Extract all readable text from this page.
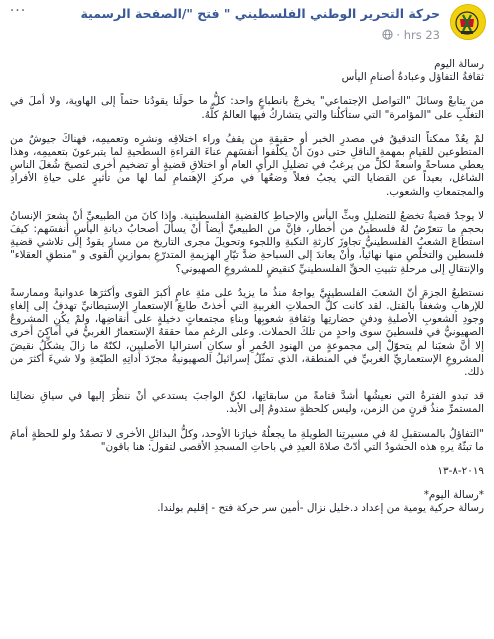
حركة التحرير الوطني الفلسطيني " فتح "/الصفحة الرسمية
23 hrs ·
···

رسالة اليوم

ثقافةُ التفاؤل وعبادةُ أصنامِ اليأس

من يتابعْ وسائلَ "التواصل الإجتماعي" يخرجْ بانطباعٍ واحد: كلُّ ما حولَنا يقودُنا حتماً إلى الهاوية، ولا أملَ في التغلّبِ على "المؤامرة" التي ستأكلُنا والتي يتشاركُ فيها العالمُ كلُّهُ.

لمْ يعُدْ ممكناً التدقيقُ في مصدرِ الخبر أو حقيقةِ من يقفُ وراء اختلاقِه ونشرِه وتعميمِه، فهناكَ جيوشٌ من المتطوعين للقيامِ بمهمةِ الناقلِ حتى دونَ أنْ يكلّفوا أنفسَهم عناءَ القراءةِ السطحيةِ لما يتبرعونَ بتعميمِه، وهذا يعطي مساحةً واسعةً لكلِّ من يرغبُ في تضليلِ الرأيِ العام أو اختلاقِ قضيةٍ أو تضخيمِ أخرى لتصبحَ شُغلَ الناسِ الشاغل، بعيداً عن القضايا التي يجبُ فعلاً وضعُها في مركزِ الإهتمامِ لما لها من تأثيرٍ على حياةِ الأفرادِ والمجتمعاتِ والشعوب.

لا يوجدُ قضيةٌ تخضعُ للتضليلِ وبثِّ اليأس والإحباطِ كالقضيةِ الفلسطينية. وإذا كانَ من الطبيعيِّ أنْ يشعرَ الإنسانُ بحجمِ ما تتعرّضُ لهُ فلسطينُ من أخطار، فإنَّ من الطبيعيِّ أيضاً أنْ يسألَ أصحابُ ديانةِ اليأسِ أنفسَهم: كيفَ استطاعَ الشعبُ الفلسطينيُّ تجاوزَ كارثةِ النكبةِ واللجوء وتحويلَ مجرى التاريخ من مسارٍ يقودُ إلى تلاشي قضيةِ فلسطين والتخلّصِ منها نهائياً، وأنْ يعاندَ إلى السباحةِ ضدَّ تيّارِ الهزيمةِ المتدرّعِ بموازينِ القوى و "منطقِ العقلاء" والإنتقالِ إلى مرحلةِ تثبيتِ الحقِّ الفلسطينيِّ كنقيضٍ للمشروعِ الصهيوني؟

نستطيعُ الجزمَ أنّ الشعبَ الفلسطينيَّ يواجهُ منذُ ما يزيدُ على مئةِ عامٍ أكبرَ القوى وأكثرَها عدوانيةً وممارسةً للإرهابِ وشغفاً بالقتل. لقد كانت كلُّ الحملاتِ الغربيةِ التي أخذتْ طابعَ الإستعمارِ الإستيطانيِّ تهدفُ إلى إلغاءِ وجودِ الشعوبِ الأصليةِ ودفنِ حضارتِها وثقافةِ شعوبِها وبناءِ مجتمعاتٍ دخيلةٍ على أنقاضِها، ولمْ يكُنِ المشروعُ الصهيونيُّ في فلسطينَ سوى واحدٍ من تلكَ الحملات. وعلى الرغمِ مما حققهُ الإستعمارُ الغربيُّ في أماكنَ أخرى إلا أنَّ شعبَنا لم يتحوّلْ إلى مجموعةٍ من الهنودِ الحُمرِ أو سكانِ استراليا الأصليين، لكنّهُ ما زالَ يشكِّلُ نقيضَ المشروعِ الإستعماريِّ الغربيِّ في المنطقة، الذي تمثّلُ إسرائيلُ الصهيونيةُ مجرّدَ أداتِهِ الطيّعةِ ولا شيءَ أكثرَ من ذلك.

قد تبدو الفترةُ التي نعيشُها أشدَّ قتامةً من سابقاتِها، لكنَّ الواجبَ يستدعي أنْ ننظُرَ إليها في سياقِ نضالِنا المستمرِّ منذُ قرنٍ من الزمن، وليس كلحظةٍ ستدومُ إلى الأبد.

"التفاؤلُ بالمستقبلِ لهُ في مسيرتِنا الطويلةِ ما يجعلُهُ خيارَنا الأوحد، وكلُّ البدائلِ الأخرى لا تصمُدُ ولو للحظةٍ أمامَ ما تبثّهُ يرهِ هذه الحشودُ التي أدّتْ صلاةَ العيدِ في باحاتِ المسجدِ الأقصى لتقول: هنا باقون"

٢٠١٩-٨-١٣

*رسالة اليوم*

رسالة حركية يومية من إعداد د.خليل نزال -أمين سر حركة فتح - إقليم بولندا.
